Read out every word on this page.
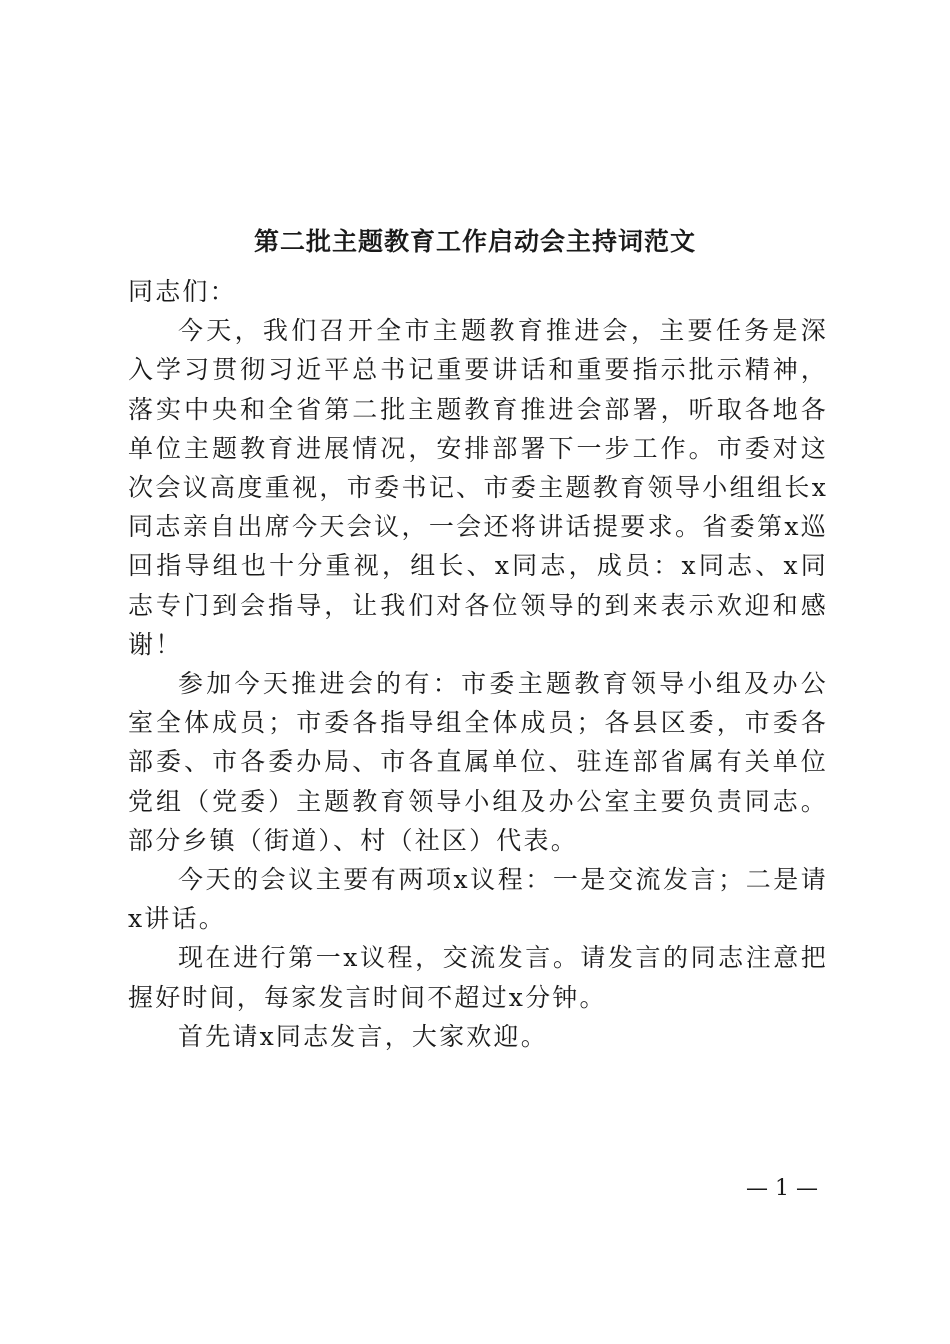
第二批主题教育工作启动会主持词范文

同志们：

今天，我们召开全市主题教育推进会，主要任务是深入学习贯彻习近平总书记重要讲话和重要指示批示精神，落实中央和全省第二批主题教育推进会部署，听取各地各单位主题教育进展情况，安排部署下一步工作。市委对这次会议高度重视，市委书记、市委主题教育领导小组组长x同志亲自出席今天会议，一会还将讲话提要求。省委第x巡回指导组也十分重视，组长、x同志，成员：x同志、x同志专门到会指导，让我们对各位领导的到来表示欢迎和感谢！

参加今天推进会的有：市委主题教育领导小组及办公室全体成员；市委各指导组全体成员；各县区委，市委各部委、市各委办局、市各直属单位、驻连部省属有关单位党组（党委）主题教育领导小组及办公室主要负责同志。部分乡镇（街道）、村（社区）代表。

今天的会议主要有两项x议程：一是交流发言；二是请x讲话。

现在进行第一x议程，交流发言。请发言的同志注意把握好时间，每家发言时间不超过x分钟。

首先请x同志发言，大家欢迎。

— 1 —
